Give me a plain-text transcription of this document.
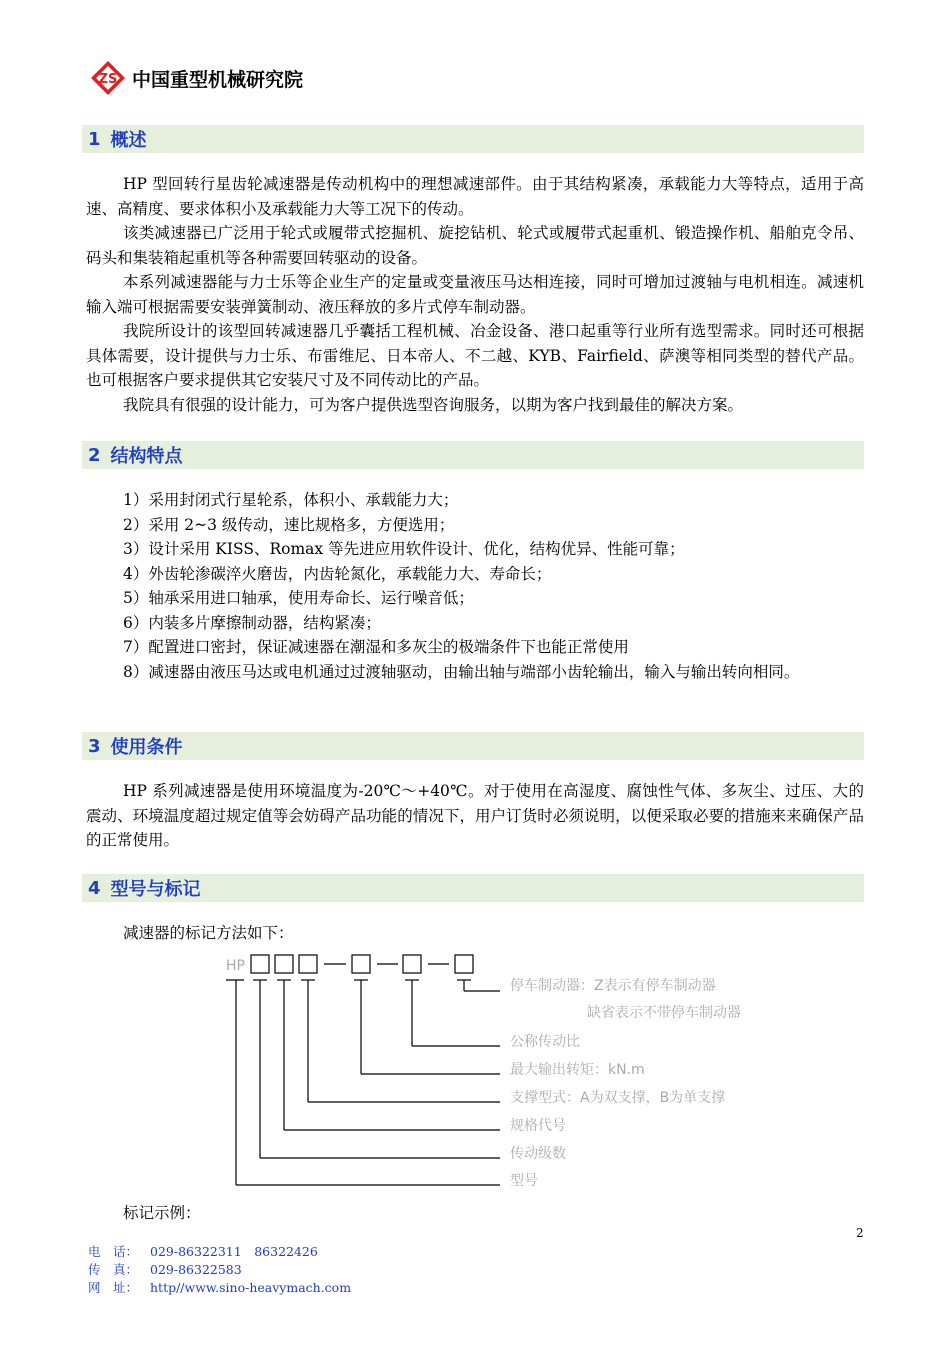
ZS 中国重型机械研究院
1 概述

HP 型回转行星齿轮减速器是传动机构中的理想减速部件。由于其结构紧凑，承载能力大等特点，适用于高速、高精度、要求体积小及承载能力大等工况下的传动。

该类减速器已广泛用于轮式或履带式挖掘机、旋挖钻机、轮式或履带式起重机、锻造操作机、船舶克令吊、码头和集装箱起重机等各种需要回转驱动的设备。

本系列减速器能与力士乐等企业生产的定量或变量液压马达相连接，同时可增加过渡轴与电机相连。减速机输入端可根据需要安装弹簧制动、液压释放的多片式停车制动器。

我院所设计的该型回转减速器几乎囊括工程机械、冶金设备、港口起重等行业所有选型需求。同时还可根据具体需要，设计提供与力士乐、布雷维尼、日本帝人、不二越、KYB、Fairfield、萨澳等相同类型的替代产品。也可根据客户要求提供其它安装尺寸及不同传动比的产品。

我院具有很强的设计能力，可为客户提供选型咨询服务，以期为客户找到最佳的解决方案。

2 结构特点

1）采用封闭式行星轮系，体积小、承载能力大；

2）采用 2~3 级传动，速比规格多，方便选用；

3）设计采用 KISS、Romax 等先进应用软件设计、优化，结构优异、性能可靠；

4）外齿轮渗碳淬火磨齿，内齿轮氮化，承载能力大、寿命长；

5）轴承采用进口轴承，使用寿命长、运行噪音低；

6）内装多片摩擦制动器，结构紧凑；

7）配置进口密封，保证减速器在潮湿和多灰尘的极端条件下也能正常使用

8）减速器由液压马达或电机通过过渡轴驱动，由输出轴与端部小齿轮输出，输入与输出转向相同。

3 使用条件

HP 系列减速器是使用环境温度为-20℃～+40℃。对于使用在高湿度、腐蚀性气体、多灰尘、过压、大的震动、环境温度超过规定值等会妨碍产品功能的情况下，用户订货时必须说明，以便采取必要的措施来来确保产品的正常使用。

4 型号与标记

减速器的标记方法如下：

HP
停车制动器：Z表示有停车制动器
缺省表示不带停车制动器
公称传动比
最大输出转矩：kN.m
支撑型式：A为双支撑，B为单支撑
规格代号
传动级数
型号

标记示例：

2
电　话： 029-86322311　86322426
传　真： 029-86322583
网　址： http//www.sino-heavymach.com
